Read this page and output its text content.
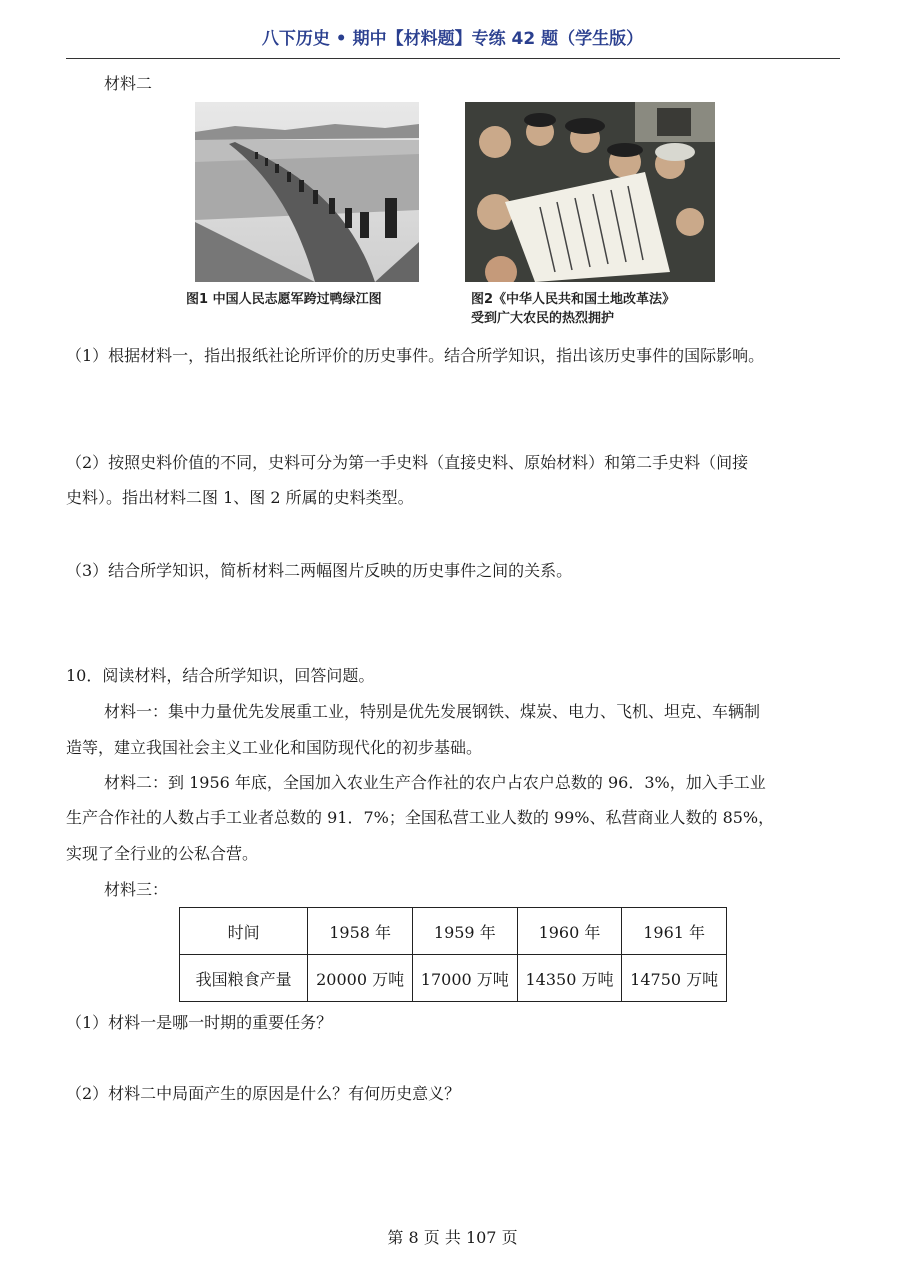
八下历史 • 期中【材料题】专练 42 题（学生版）
材料二
图1 中国人民志愿军跨过鸭绿江图	图2《中华人民共和国土地改革法》
受到广大农民的热烈拥护
（1）根据材料一，指出报纸社论所评价的历史事件。结合所学知识，指出该历史事件的国际影响。
（2）按照史料价值的不同，史料可分为第一手史料（直接史料、原始材料）和第二手史料（间接
史料）。指出材料二图 1、图 2 所属的史料类型。
（3）结合所学知识，简析材料二两幅图片反映的历史事件之间的关系。
10．阅读材料，结合所学知识，回答问题。
材料一：集中力量优先发展重工业，特别是优先发展钢铁、煤炭、电力、飞机、坦克、车辆制
造等，建立我国社会主义工业化和国防现代化的初步基础。
材料二：到 1956 年底，全国加入农业生产合作社的农户占农户总数的 96．3%，加入手工业
生产合作社的人数占手工业者总数的 91．7%；全国私营工业人数的 99%、私营商业人数的 85%，
实现了全行业的公私合营。
材料三：
时间	1958 年	1959 年	1960 年	1961 年
我国粮食产量	20000 万吨	17000 万吨	14350 万吨	14750 万吨
（1）材料一是哪一时期的重要任务？
（2）材料二中局面产生的原因是什么？有何历史意义？
第 8 页 共 107 页
